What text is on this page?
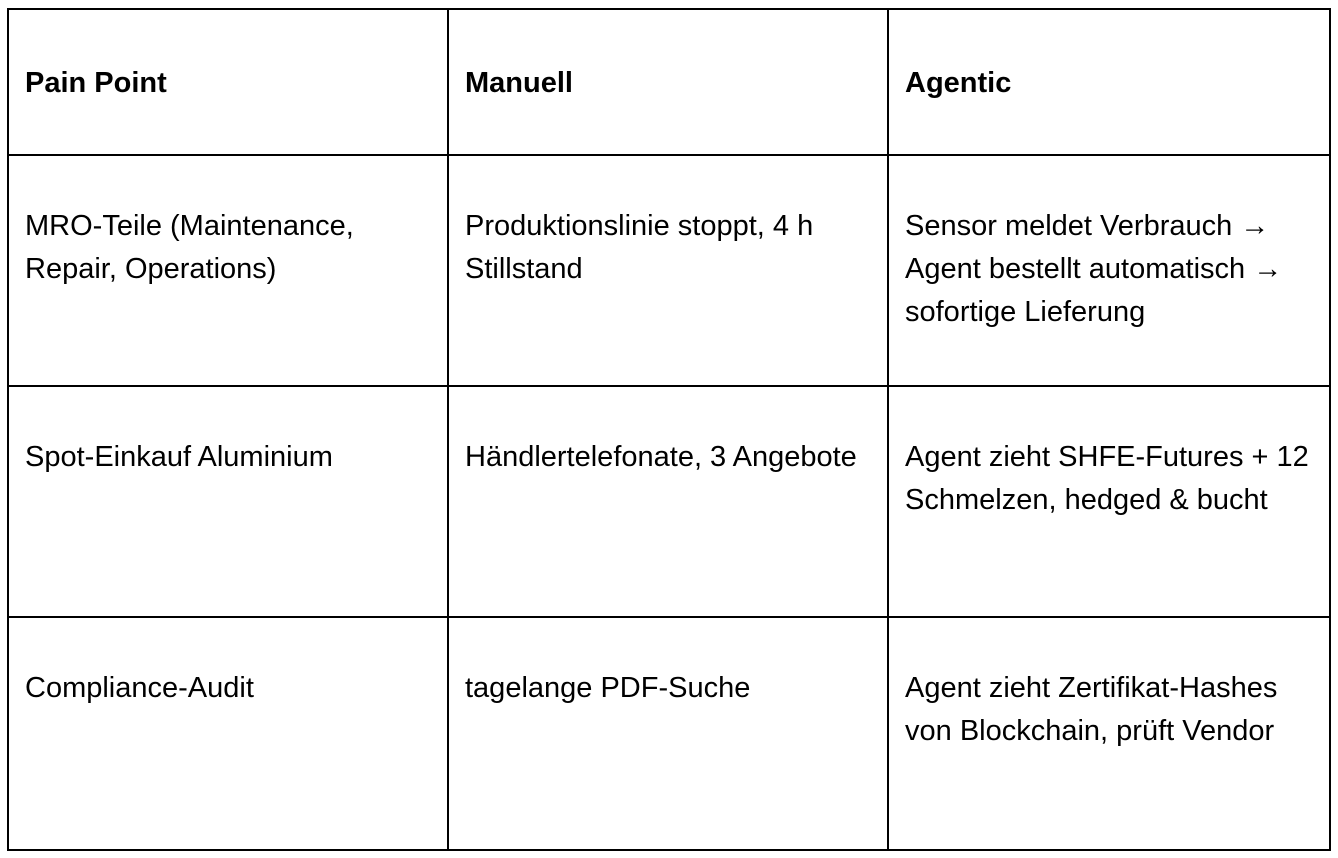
Pain Point	Manuell	Agentic

MRO-Teile (Maintenance, Repair, Operations)	Produktionslinie stoppt, 4 h Stillstand	Sensor meldet Verbrauch → Agent bestellt automatisch → sofortige Lieferung

Spot-Einkauf Aluminium	Händlertelefonate, 3 Angebote	Agent zieht SHFE-Futures + 12 Schmelzen, hedged & bucht

Compliance-Audit	tagelange PDF-Suche	Agent zieht Zertifikat-Hashes von Blockchain, prüft Vendor
